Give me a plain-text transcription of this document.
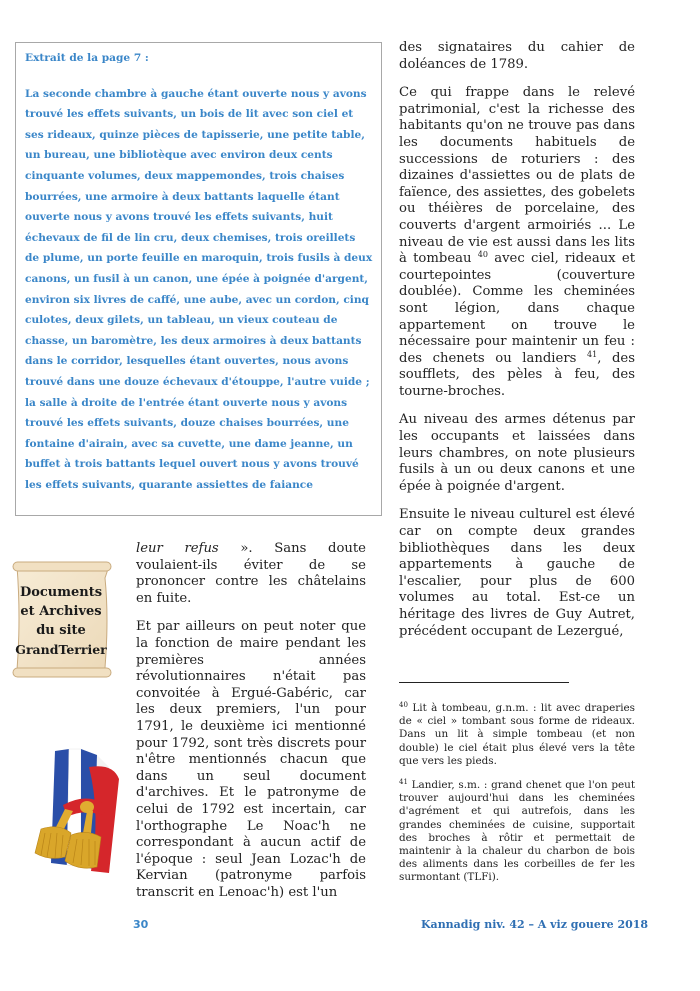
Extrait de la page 7 :

La seconde chambre à gauche étant ouverte nous y avons trouvé les effets suivants, un bois de lit avec son ciel et ses rideaux, quinze pièces de tapisserie, une petite table, un bureau, une bibliotèque avec environ deux cents cinquante volumes, deux mappemondes, trois chaises bourrées, une armoire à deux battants laquelle étant ouverte nous y avons trouvé les effets suivants, huit échevaux de fil de lin cru, deux chemises, trois oreillets de plume, un porte feuille en maroquin, trois fusils à deux canons, un fusil à un canon, une épée à poignée d'argent, environ six livres de caffé, une aube, avec un cordon, cinq culotes, deux gilets, un tableau, un vieux couteau de chasse, un baromètre, les deux armoires à deux battants dans le corridor, lesquelles étant ouvertes, nous avons trouvé dans une douze échevaux d'étouppe, l'autre vuide ; la salle à droite de l'entrée étant ouverte nous y avons trouvé les effets suivants, douze chaises bourrées, une fontaine d'airain, avec sa cuvette, une dame jeanne, un buffet à trois battants lequel ouvert nous y avons trouvé les effets suivants, quarante assiettes de faiance

des signataires du cahier de doléances de 1789.

Ce qui frappe dans le relevé patrimonial, c'est la richesse des habitants qu'on ne trouve pas dans les documents habituels de successions de roturiers : des dizaines d'assiettes ou de plats de faïence, des assiettes, des gobelets ou théières de porcelaine, des couverts d'argent armoiriés ... Le niveau de vie est aussi dans les lits à tombeau $^{40}$ avec ciel, rideaux et courtepointes (couverture doublée). Comme les cheminées sont légion, dans chaque appartement on trouve le nécessaire pour maintenir un feu : des chenets ou landiers $^{41}$, des soufflets, des pèles à feu, des tourne-broches.

Au niveau des armes détenus par les occupants et laissées dans leurs chambres, on note plusieurs fusils à un ou deux canons et une épée à poignée d'argent.

Ensuite le niveau culturel est élevé car on compte deux grandes bibliothèques dans les deux appartements à gauche de l'escalier, pour plus de 600 volumes au total. Est-ce un héritage des livres de Guy Autret, précédent occupant de Lezergué,

leur refus ». Sans doute voulaient-ils éviter de se prononcer contre les châtelains en fuite.

Et par ailleurs on peut noter que la fonction de maire pendant les premières années révolutionnaires n'était pas convoitée à Ergué-Gabéric, car les deux premiers, l'un pour 1791, le deuxième ici mentionné pour 1792, sont très discrets pour n'être mentionnés chacun que dans un seul document d'archives. Et le patronyme de celui de 1792 est incertain, car l'orthographe Le Noac'h ne correspondant à aucun actif de l'époque : seul Jean Lozac'h de Kervian (patronyme parfois transcrit en Lenoac'h) est l'un

$^{40}$ Lit à tombeau, g.n.m. : lit avec draperies de « ciel » tombant sous forme de rideaux. Dans un lit à simple tombeau (et non double) le ciel était plus élevé vers la tête que vers les pieds.

$^{41}$ Landier, s.m. : grand chenet que l'on peut trouver aujourd'hui dans les cheminées d'agrément et qui autrefois, dans les grandes cheminées de cuisine, supportait des broches à rôtir et permettait de maintenir à la chaleur du charbon de bois des aliments dans les corbeilles de fer les surmontant (TLFi).

Documents
et Archives
du site
GrandTerrier
30	Kannadig niv. 42 – A viz gouere 2018
